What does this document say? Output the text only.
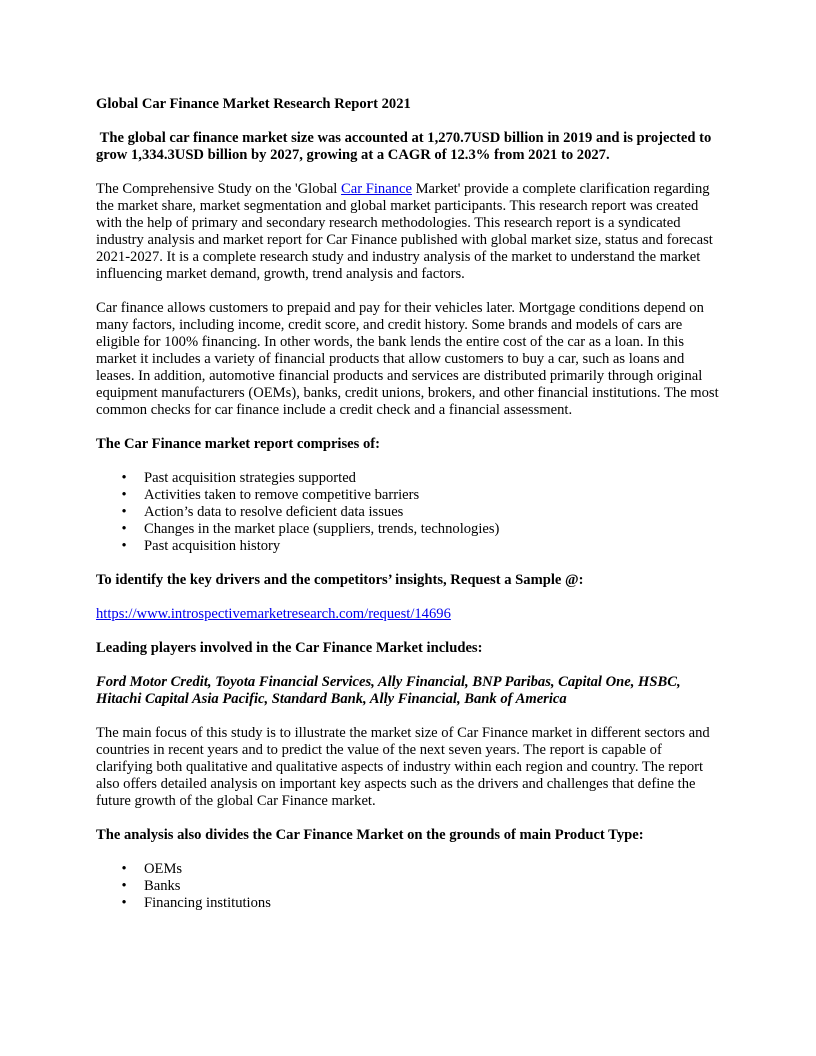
Global Car Finance Market Research Report 2021

The global car finance market size was accounted at 1,270.7USD billion in 2019 and is projected to grow 1,334.3USD billion by 2027, growing at a CAGR of 12.3% from 2021 to 2027.

The Comprehensive Study on the 'Global Car Finance Market' provide a complete clarification regarding the market share, market segmentation and global market participants. This research report was created with the help of primary and secondary research methodologies. This research report is a syndicated industry analysis and market report for Car Finance published with global market size, status and forecast 2021-2027. It is a complete research study and industry analysis of the market to understand the market influencing market demand, growth, trend analysis and factors.

Car finance allows customers to prepaid and pay for their vehicles later. Mortgage conditions depend on many factors, including income, credit score, and credit history. Some brands and models of cars are eligible for 100% financing. In other words, the bank lends the entire cost of the car as a loan. In this market it includes a variety of financial products that allow customers to buy a car, such as loans and leases. In addition, automotive financial products and services are distributed primarily through original equipment manufacturers (OEMs), banks, credit unions, brokers, and other financial institutions. The most common checks for car finance include a credit check and a financial assessment.

The Car Finance market report comprises of:

• Past acquisition strategies supported
• Activities taken to remove competitive barriers
• Action’s data to resolve deficient data issues
• Changes in the market place (suppliers, trends, technologies)
• Past acquisition history

To identify the key drivers and the competitors’ insights, Request a Sample @:

https://www.introspectivemarketresearch.com/request/14696

Leading players involved in the Car Finance Market includes:

Ford Motor Credit, Toyota Financial Services, Ally Financial, BNP Paribas, Capital One, HSBC, Hitachi Capital Asia Pacific, Standard Bank, Ally Financial, Bank of America

The main focus of this study is to illustrate the market size of Car Finance market in different sectors and countries in recent years and to predict the value of the next seven years. The report is capable of clarifying both qualitative and qualitative aspects of industry within each region and country. The report also offers detailed analysis on important key aspects such as the drivers and challenges that define the future growth of the global Car Finance market.

The analysis also divides the Car Finance Market on the grounds of main Product Type:

• OEMs
• Banks
• Financing institutions
